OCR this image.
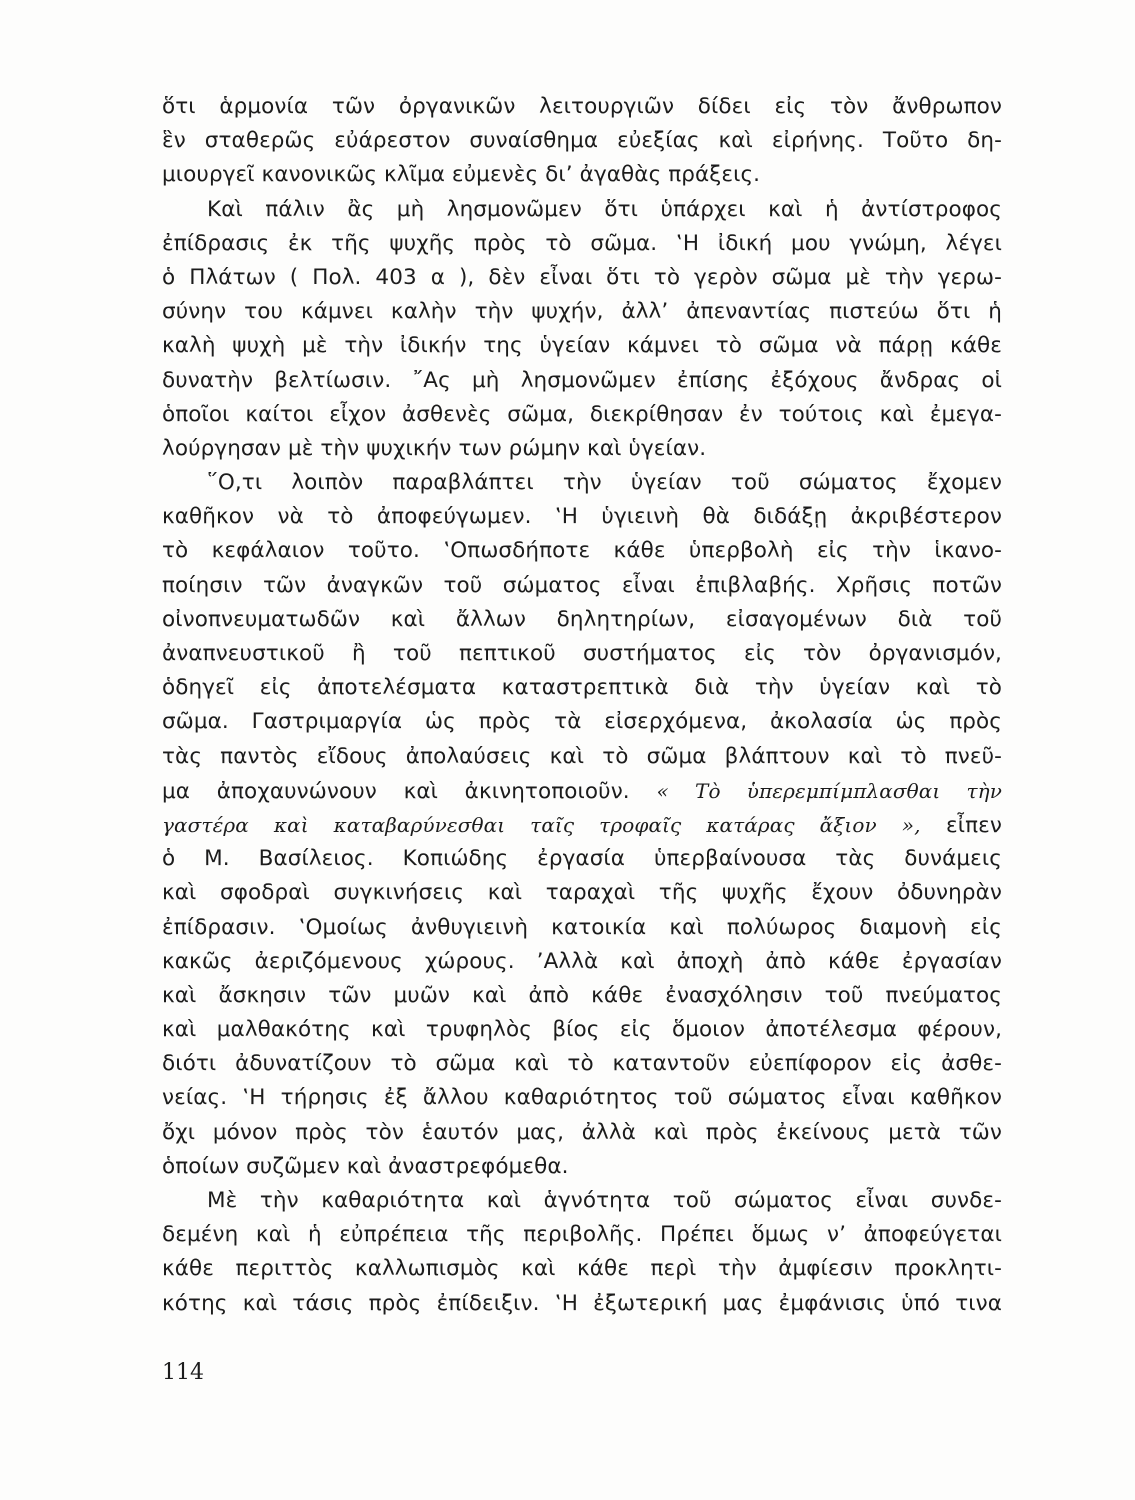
ὅτι ἁρμονία τῶν ὀργανικῶν λειτουργιῶν δίδει εἰς τὸν ἄνθρωπον
ἓν σταθερῶς εὐάρεστον συναίσθημα εὐεξίας καὶ εἰρήνης. Τοῦτο δη-
μιουργεῖ κανονικῶς κλῖμα εὐμενὲς δι’ ἀγαθὰς πράξεις.
Καὶ πάλιν ἂς μὴ λησμονῶμεν ὅτι ὑπάρχει καὶ ἡ ἀντίστροφος
ἐπίδρασις ἐκ τῆς ψυχῆς πρὸς τὸ σῶμα. ‛Η ἰδική μου γνώμη, λέγει
ὁ Πλάτων ( Πολ. 403 α ), δὲν εἶναι ὅτι τὸ γερὸν σῶμα μὲ τὴν γερω-
σύνην του κάμνει καλὴν τὴν ψυχήν, ἀλλ’ ἀπεναντίας πιστεύω ὅτι ἡ
καλὴ ψυχὴ μὲ τὴν ἰδικήν της ὑγείαν κάμνει τὸ σῶμα νὰ πάρῃ κάθε
δυνατὴν βελτίωσιν. ῎Ας μὴ λησμονῶμεν ἐπίσης ἐξόχους ἄνδρας οἱ
ὁποῖοι καίτοι εἶχον ἀσθενὲς σῶμα, διεκρίθησαν ἐν τούτοις καὶ ἐμεγα-
λούργησαν μὲ τὴν ψυχικήν των ρώμην καὶ ὑγείαν.
῞Ο,τι λοιπὸν παραβλάπτει τὴν ὑγείαν τοῦ σώματος ἔχομεν
καθῆκον νὰ τὸ ἀποφεύγωμεν. ‛Η ὑγιεινὴ θὰ διδάξῃ ἀκριβέστερον
τὸ κεφάλαιον τοῦτο. ‛Οπωσδήποτε κάθε ὑπερβολὴ εἰς τὴν ἱκανο-
ποίησιν τῶν ἀναγκῶν τοῦ σώματος εἶναι ἐπιβλαβής. Χρῆσις ποτῶν
οἰνοπνευματωδῶν καὶ ἄλλων δηλητηρίων, εἰσαγομένων διὰ τοῦ
ἀναπνευστικοῦ ἢ τοῦ πεπτικοῦ συστήματος εἰς τὸν ὀργανισμόν,
ὁδηγεῖ εἰς ἀποτελέσματα καταστρεπτικὰ διὰ τὴν ὑγείαν καὶ τὸ
σῶμα. Γαστριμαργία ὡς πρὸς τὰ εἰσερχόμενα, ἀκολασία ὡς πρὸς
τὰς παντὸς εἴδους ἀπολαύσεις καὶ τὸ σῶμα βλάπτουν καὶ τὸ πνεῦ-
μα ἀποχαυνώνουν καὶ ἀκινητοποιοῦν. « Τὸ ὑπερεμπίμπλασθαι τὴν
γαστέρα καὶ καταβαρύνεσθαι ταῖς τροφαῖς κατάρας ἄξιον », εἶπεν
ὁ Μ. Βασίλειος. Κοπιώδης ἐργασία ὑπερβαίνουσα τὰς δυνάμεις
καὶ σφοδραὶ συγκινήσεις καὶ ταραχαὶ τῆς ψυχῆς ἔχουν ὀδυνηρὰν
ἐπίδρασιν. ‛Ομοίως ἀνθυγιεινὴ κατοικία καὶ πολύωρος διαμονὴ εἰς
κακῶς ἀεριζόμενους χώρους. ’Αλλὰ καὶ ἀποχὴ ἀπὸ κάθε ἐργασίαν
καὶ ἄσκησιν τῶν μυῶν καὶ ἀπὸ κάθε ἐνασχόλησιν τοῦ πνεύματος
καὶ μαλθακότης καὶ τρυφηλὸς βίος εἰς ὅμοιον ἀποτέλεσμα φέρουν,
διότι ἀδυνατίζουν τὸ σῶμα καὶ τὸ καταντοῦν εὐεπίφορον εἰς ἀσθε-
νείας. ‛Η τήρησις ἐξ ἄλλου καθαριότητος τοῦ σώματος εἶναι καθῆκον
ὄχι μόνον πρὸς τὸν ἑαυτόν μας, ἀλλὰ καὶ πρὸς ἐκείνους μετὰ τῶν
ὁποίων συζῶμεν καὶ ἀναστρεφόμεθα.
Μὲ τὴν καθαριότητα καὶ ἁγνότητα τοῦ σώματος εἶναι συνδε-
δεμένη καὶ ἡ εὐπρέπεια τῆς περιβολῆς. Πρέπει ὅμως ν’ ἀποφεύγεται
κάθε περιττὸς καλλωπισμὸς καὶ κάθε περὶ τὴν ἀμφίεσιν προκλητι-
κότης καὶ τάσις πρὸς ἐπίδειξιν. ‛Η ἐξωτερική μας ἐμφάνισις ὑπό τινα
114
